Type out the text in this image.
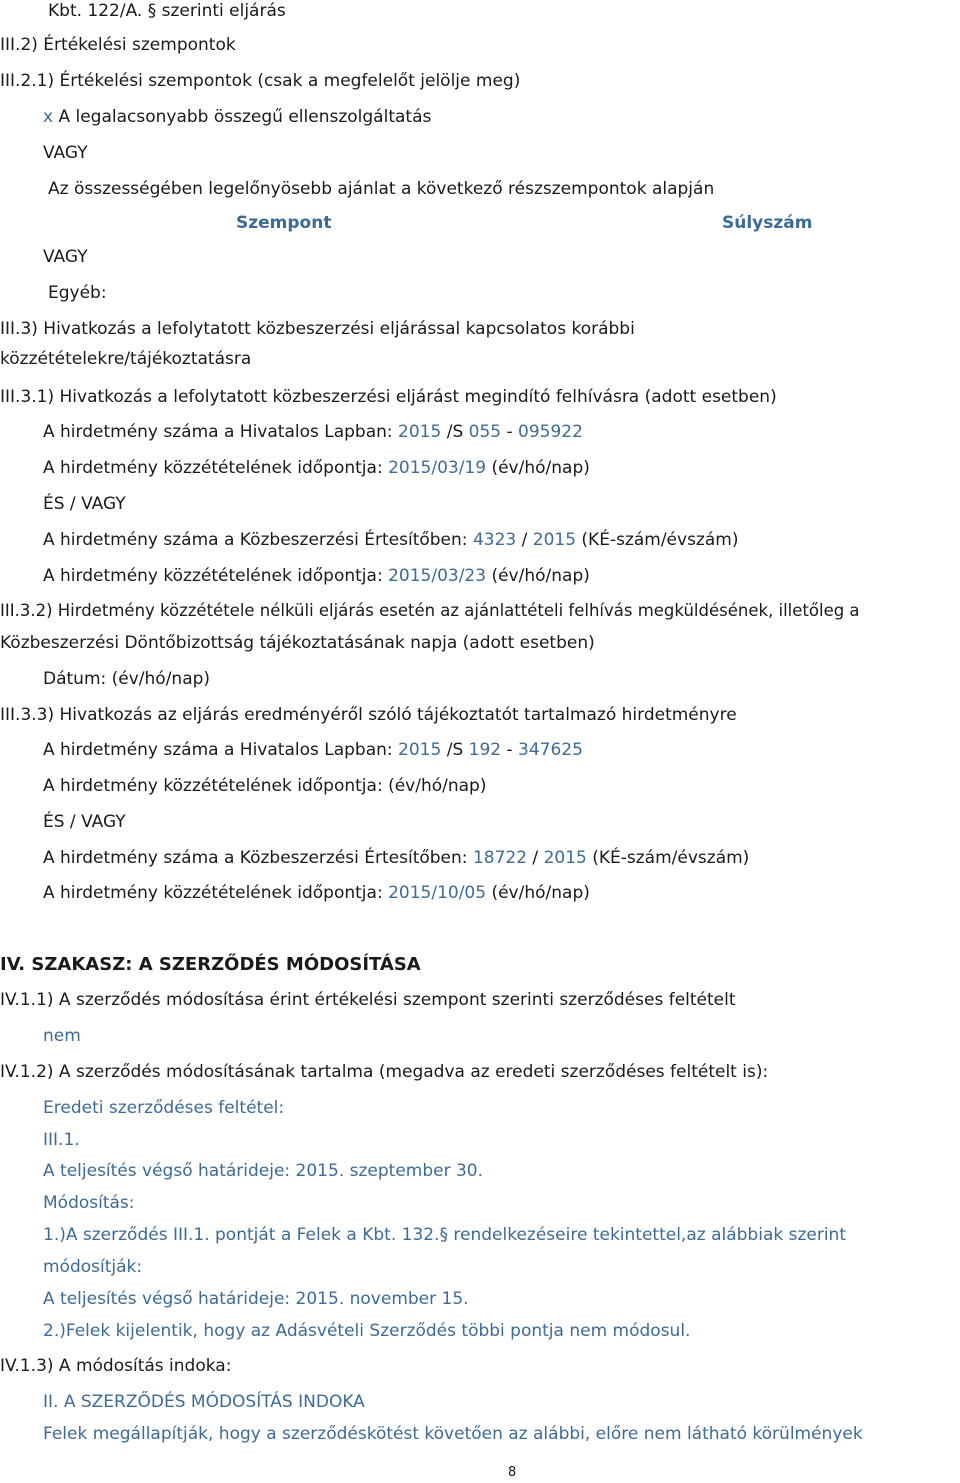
Kbt. 122/A. § szerinti eljárás
III.2) Értékelési szempontok
III.2.1) Értékelési szempontok (csak a megfelelőt jelölje meg)
x A legalacsonyabb összegű ellenszolgáltatás
VAGY
Az összességében legelőnyösebb ajánlat a következő részszempontok alapján
Szempont	Súlyszám
VAGY
Egyéb:
III.3) Hivatkozás a lefolytatott közbeszerzési eljárással kapcsolatos korábbi
közzétételekre/tájékoztatásra
III.3.1) Hivatkozás a lefolytatott közbeszerzési eljárást megindító felhívásra (adott esetben)
A hirdetmény száma a Hivatalos Lapban: 2015 /S 055 - 095922
A hirdetmény közzétételének időpontja: 2015/03/19 (év/hó/nap)
ÉS / VAGY
A hirdetmény száma a Közbeszerzési Értesítőben: 4323 / 2015 (KÉ-szám/évszám)
A hirdetmény közzétételének időpontja: 2015/03/23 (év/hó/nap)
III.3.2) Hirdetmény közzététele nélküli eljárás esetén az ajánlattételi felhívás megküldésének, illetőleg a
Közbeszerzési Döntőbizottság tájékoztatásának napja (adott esetben)
Dátum: (év/hó/nap)
III.3.3) Hivatkozás az eljárás eredményéről szóló tájékoztatót tartalmazó hirdetményre
A hirdetmény száma a Hivatalos Lapban: 2015 /S 192 - 347625
A hirdetmény közzétételének időpontja: (év/hó/nap)
ÉS / VAGY
A hirdetmény száma a Közbeszerzési Értesítőben: 18722 / 2015 (KÉ-szám/évszám)
A hirdetmény közzétételének időpontja: 2015/10/05 (év/hó/nap)
IV. SZAKASZ: A SZERZŐDÉS MÓDOSÍTÁSA
IV.1.1) A szerződés módosítása érint értékelési szempont szerinti szerződéses feltételt
nem
IV.1.2) A szerződés módosításának tartalma (megadva az eredeti szerződéses feltételt is):
Eredeti szerződéses feltétel:
III.1.
A teljesítés végső határideje: 2015. szeptember 30.
Módosítás:
1.)A szerződés III.1. pontját a Felek a Kbt. 132.§ rendelkezéseire tekintettel,az alábbiak szerint
módosítják:
A teljesítés végső határideje: 2015. november 15.
2.)Felek kijelentik, hogy az Adásvételi Szerződés többi pontja nem módosul.
IV.1.3) A módosítás indoka:
II. A SZERZŐDÉS MÓDOSÍTÁS INDOKA
Felek megállapítják, hogy a szerződéskötést követően az alábbi, előre nem látható körülmények
8
